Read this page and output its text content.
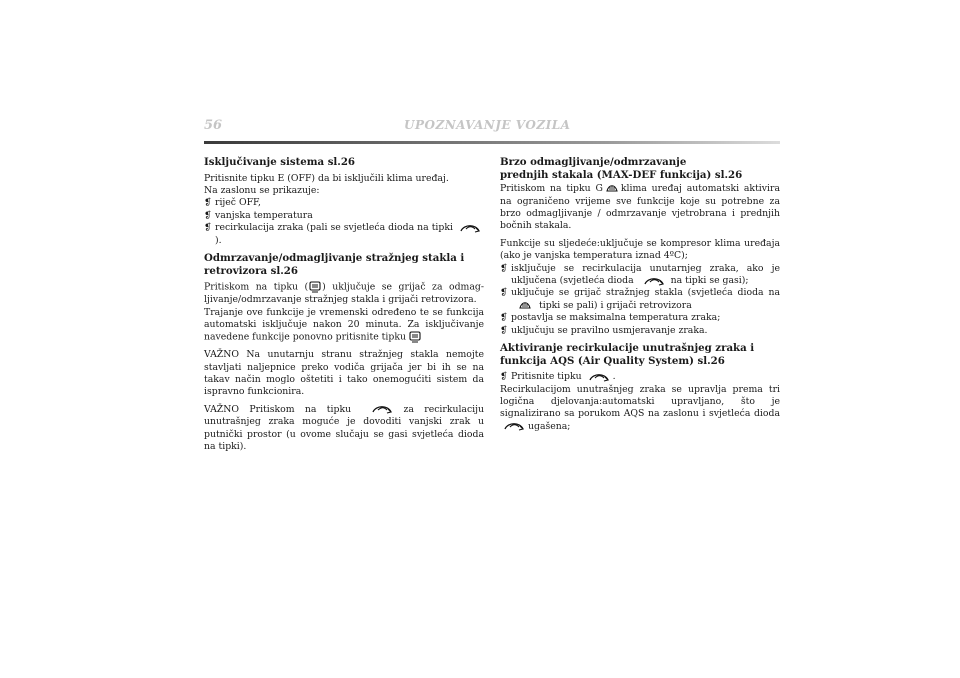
56	UPOZNAVANJE VOZILA
Isključivanje sistema sl.26

Pritisnite tipku E (OFF) da bi isključili klima uređaj.
Na zaslonu se prikazuje:

❡ riječ OFF,
❡ vanjska temperatura
❡ recirkulacija zraka (pali se svjetleća dioda na tipki ).
Odmrzavanje/odmagljivanje stražnjeg stakla i retrovizora sl.26

Pritiskom na tipku ( ) uključuje se grijač za odmag-ljivanje/odmrzavanje stražnjeg stakla i grijači retrovizora.

Trajanje ove funkcije je vremenski određeno te se funkcija automatski isključuje nakon 20 minuta. Za isključivanje navedene funkcije ponovno pritisnite tipku

VAŽNO Na unutarnju stranu stražnjeg stakla nemojte stavljati naljepnice preko vodiča grijača jer bi ih se na takav način moglo oštetiti i tako onemogućiti sistem da ispravno funkcionira.

VAŽNO Pritiskom na tipku	za recirkulaciju unutrašnjeg zraka moguće je dovoditi vanjski zrak u putnički prostor (u ovome slučaju se gasi svjetleća dioda na tipki).

Brzo odmagljivanje/odmrzavanje
prednjih stakala (MAX-DEF funkcija) sl.26

Pritiskom na tipku G klima uređaj automatski aktivira na ograničeno vrijeme sve funkcije koje su potrebne za brzo odmagljivanje / odmrzavanje vjetrobrana i prednjih bočnih stakala.

Funkcije su sljedeće:uključuje se kompresor klima uređaja (ako je vanjska temperatura iznad 4ºC);

❡ isključuje se recirkulacija unutarnjeg zraka, ako je uključena (svjetleća dioda	na tipki se gasi);
❡ uključuje se grijač stražnjeg stakla (svjetleća dioda na tipki se pali) i grijači retrovizora
❡ postavlja se maksimalna temperatura zraka;
❡ uključuju se pravilno usmjeravanje zraka.
Aktiviranje recirkulacije unutrašnjeg zraka i funkcija AQS (Air Quality System) sl.26
❡ Pritisnite tipku	.

Recirkulacijom unutrašnjeg zraka se upravlja prema tri logična djelovanja:automatski upravljano, što je signalizirano sa porukom AQS na zaslonu i svjetleća dioda ugašena;
